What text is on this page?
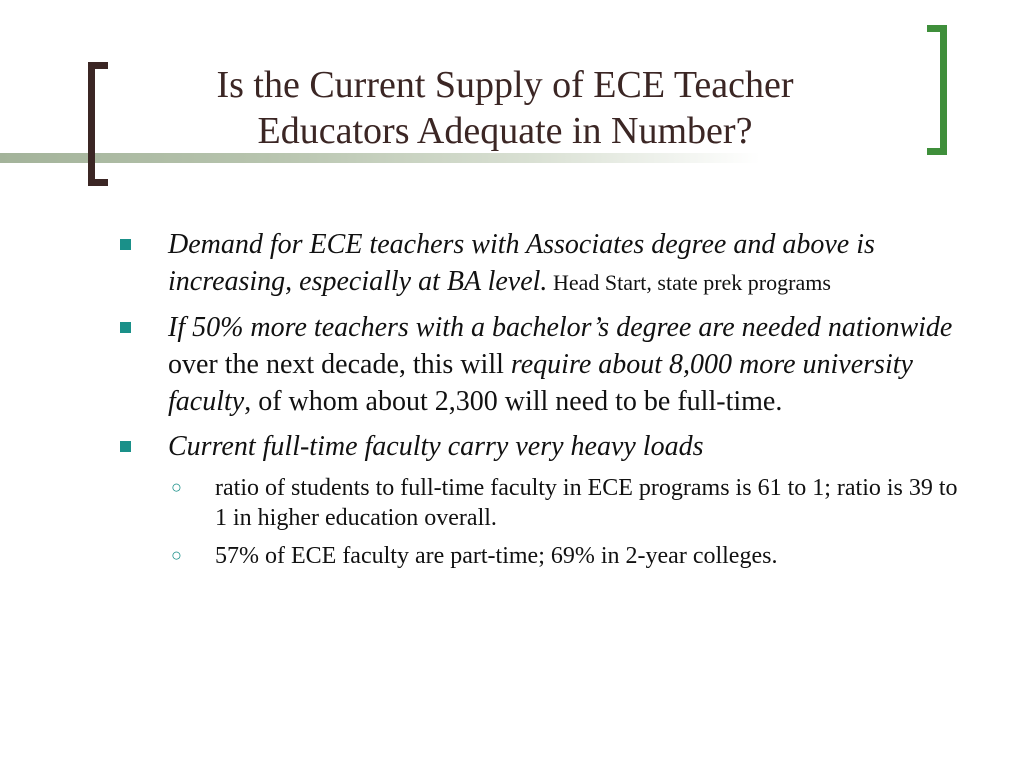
Is the Current Supply of ECE Teacher
Educators Adequate in Number?
Demand for ECE teachers with Associates degree and above is increasing, especially at BA level. Head Start, state prek programs
If 50% more teachers with a bachelor’s degree are needed nationwide over the next decade, this will require about 8,000 more university faculty, of whom about 2,300 will need to be full-time.
Current full-time faculty carry very heavy loads
○ ratio of students to full-time faculty in ECE programs is 61 to 1; ratio is 39 to 1 in higher education overall.
○ 57% of ECE faculty are part-time; 69% in 2-year colleges.
